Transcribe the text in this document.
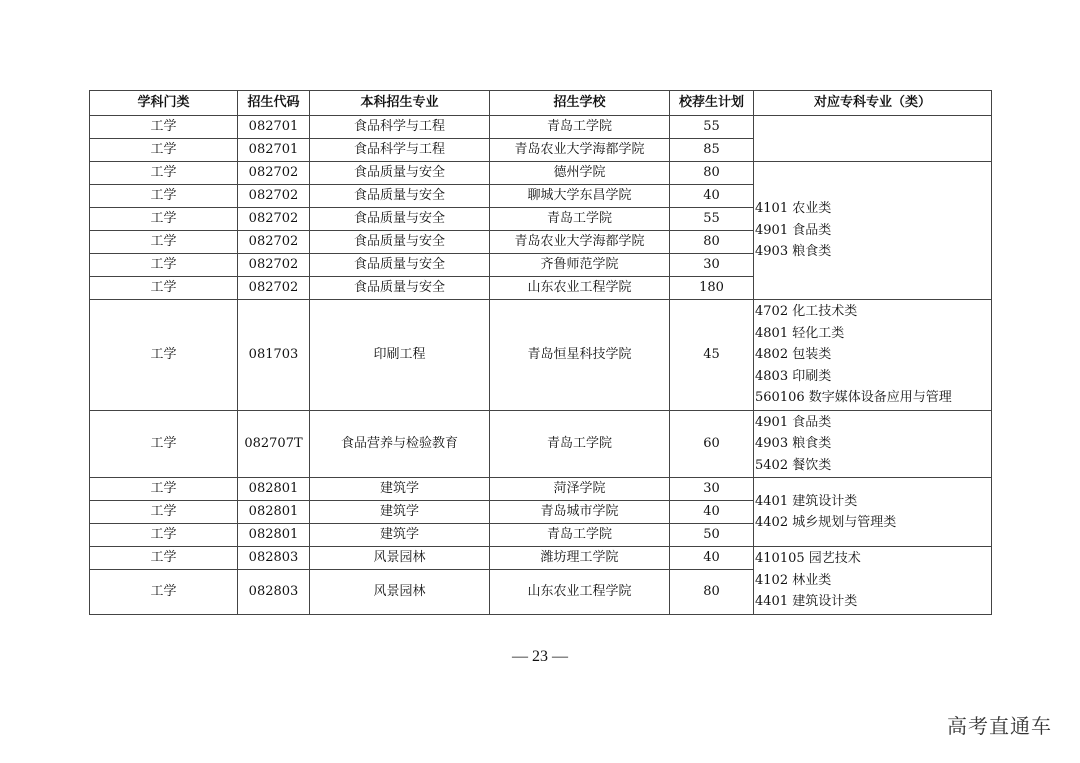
学科门类	招生代码	本科招生专业	招生学校	校荐生计划	对应专科专业（类）
工学	082701	食品科学与工程	青岛工学院	55	
工学	082701	食品科学与工程	青岛农业大学海都学院	85	
工学	082702	食品质量与安全	德州学院	80	4101 农业类
4901 食品类
4903 粮食类

工学	082702	食品质量与安全	聊城大学东昌学院	40	
工学	082702	食品质量与安全	青岛工学院	55	
工学	082702	食品质量与安全	青岛农业大学海都学院	80	
工学	082702	食品质量与安全	齐鲁师范学院	30	
工学	082702	食品质量与安全	山东农业工程学院	180	
工学	081703	印刷工程	青岛恒星科技学院	45	4702 化工技术类
4801 轻化工类
4802 包装类
4803 印刷类
560106 数字媒体设备应用与管理

工学	082707T	食品营养与检验教育	青岛工学院	60	4901 食品类
4903 粮食类
5402 餐饮类

工学	082801	建筑学	菏泽学院	30	4401 建筑设计类
4402 城乡规划与管理类

工学	082801	建筑学	青岛城市学院	40	
工学	082801	建筑学	青岛工学院	50	
工学	082803	风景园林	潍坊理工学院	40	410105 园艺技术
4102 林业类
4401 建筑设计类

工学	082803	风景园林	山东农业工程学院	80	
— 23 —
高考直通车
